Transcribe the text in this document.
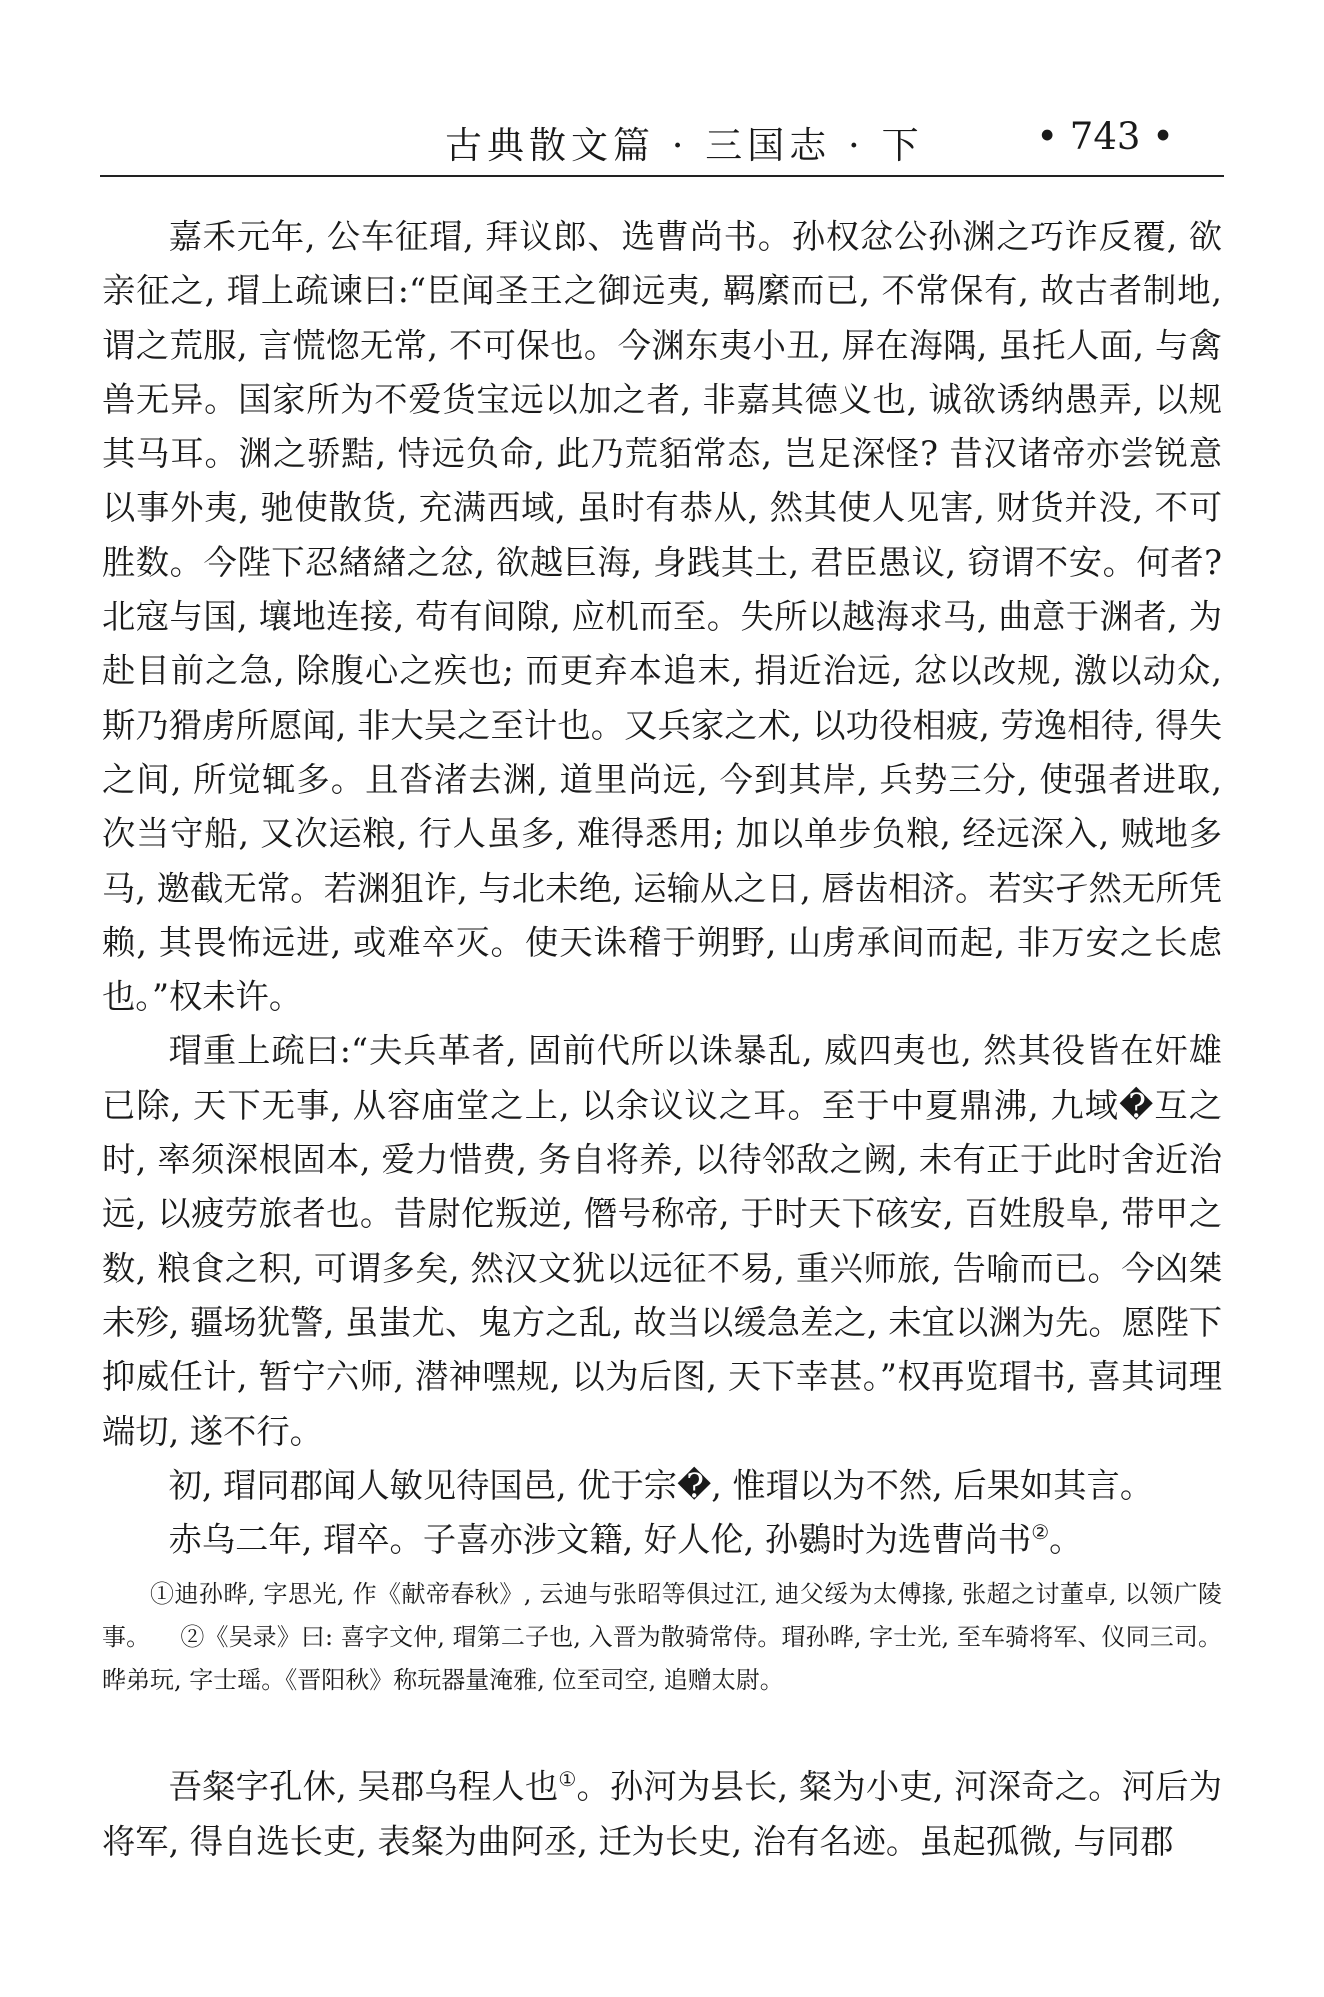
古典散文篇 · 三国志 · 下	• 743 •

嘉禾元年, 公车征瑁, 拜议郎、选曹尚书。孙权忿公孙渊之巧诈反覆, 欲亲征之, 瑁上疏谏曰:“臣闻圣王之御远夷, 羁縻而已, 不常保有, 故古者制地, 谓之荒服, 言慌惚无常, 不可保也。今渊东夷小丑, 屏在海隅, 虽托人面, 与禽兽无异。国家所为不爱货宝远以加之者, 非嘉其德义也, 诚欲诱纳愚弄, 以规其马耳。渊之骄黠, 恃远负命, 此乃荒貊常态, 岂足深怪? 昔汉诸帝亦尝锐意以事外夷, 驰使散货, 充满西域, 虽时有恭从, 然其使人见害, 财货并没, 不可胜数。今陛下忍緖緖之忿, 欲越巨海, 身践其土, 君臣愚议, 窃谓不安。何者? 北寇与国, 壤地连接, 苟有间隙, 应机而至。失所以越海求马, 曲意于渊者, 为赴目前之急, 除腹心之疾也; 而更弃本追末, 捐近治远, 忿以改规, 激以动众, 斯乃猾虏所愿闻, 非大吴之至计也。又兵家之术, 以功役相疲, 劳逸相待, 得失之间, 所觉辄多。且沓渚去渊, 道里尚远, 今到其岸, 兵势三分, 使强者进取, 次当守船, 又次运粮, 行人虽多, 难得悉用; 加以单步负粮, 经远深入, 贼地多马, 邀截无常。若渊狙诈, 与北未绝, 运输从之日, 唇齿相济。若实孑然无所凭赖, 其畏怖远进, 或难卒灭。使天诛稽于朔野, 山虏承间而起, 非万安之长虑也。”权未许。

瑁重上疏曰:“夫兵革者, 固前代所以诛暴乱, 威四夷也, 然其役皆在奸雄已除, 天下无事, 从容庙堂之上, 以余议议之耳。至于中夏鼎沸, 九域�互之时, 率须深根固本, 爱力惜费, 务自将养, 以待邻敌之阙, 未有正于此时舍近治远, 以疲劳旅者也。昔尉佗叛逆, 僭号称帝, 于时天下硋安, 百姓殷阜, 带甲之数, 粮食之积, 可谓多矣, 然汉文犹以远征不易, 重兴师旅, 告喻而已。今凶桀未殄, 疆场犹警, 虽蚩尤、鬼方之乱, 故当以缓急差之, 未宜以渊为先。愿陛下抑威任计, 暂宁六师, 潜神嘿规, 以为后图, 天下幸甚。”权再览瑁书, 喜其词理端切, 遂不行。

初, 瑁同郡闻人敏见待国邑, 优于宗�, 惟瑁以为不然, 后果如其言。

赤乌二年, 瑁卒。子喜亦涉文籍, 好人伦, 孙鷃时为选曹尚书②。

①迪孙晔, 字思光, 作《献帝春秋》, 云迪与张昭等俱过江, 迪父绥为太傅掾, 张超之讨董卓, 以领广陵事。 ②《吴录》曰: 喜字文仲, 瑁第二子也, 入晋为散骑常侍。瑁孙晔, 字士光, 至车骑将军、仪同三司。晔弟玩, 字士瑶。《晋阳秋》称玩器量淹雅, 位至司空, 追赠太尉。

吾粲字孔休, 吴郡乌程人也①。孙河为县长, 粲为小吏, 河深奇之。河后为将军, 得自选长吏, 表粲为曲阿丞, 迁为长史, 治有名迹。虽起孤微, 与同郡
